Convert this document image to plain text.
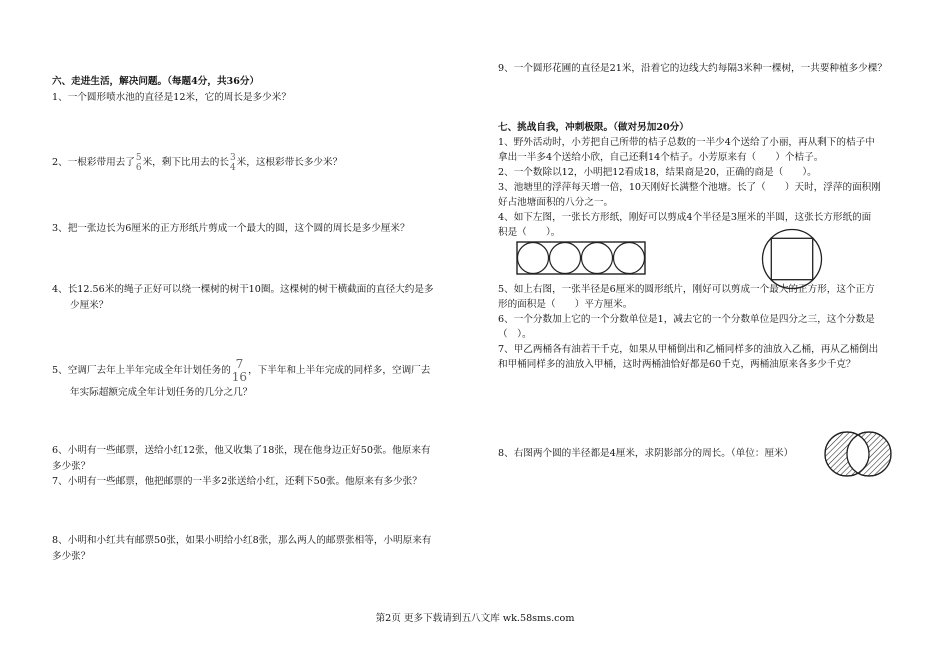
六、走进生活，解决问题。（每题4分，共36分）
1、一个圆形喷水池的直径是12米，它的周长是多少米？
2、一根彩带用去了 5
6 米，剩下比用去的长 3
4 米，这根彩带长多少米？
3、把一张边长为6厘米的正方形纸片剪成一个最大的圆，这个圆的周长是多少厘米？
4、长12.56米的绳子正好可以绕一棵树的树干10圈。这棵树的树干横截面的直径大约是多
少厘米？
5、空调厂去年上半年完成全年计划任务的 7
16 ，下半年和上半年完成的同样多，空调厂去
年实际超额完成全年计划任务的几分之几？
6、小明有一些邮票，送给小红12张，他又收集了18张，现在他身边正好50张。他原来有
多少张？
7、小明有一些邮票，他把邮票的一半多2张送给小红，还剩下50张。他原来有多少张？
8、小明和小红共有邮票50张，如果小明给小红8张，那么两人的邮票张相等，小明原来有
多少张？
9、一个圆形花圃的直径是21米，沿着它的边线大约每隔3米种一棵树，一共要种植多少棵？
七、挑战自我，冲刺极限。（做对另加20分）
1、野外活动时，小芳把自己所带的桔子总数的一半少4个送给了小丽，再从剩下的桔子中
拿出一半多4个送给小欣，自己还剩14个桔子。小芳原来有（　　）个桔子。
2、一个数除以12，小明把12看成18，结果商是20，正确的商是（　　）。
3、池塘里的浮萍每天增一倍，10天刚好长满整个池塘。长了（　　）天时，浮萍的面积刚
好占池塘面积的八分之一。
4、如下左图，一张长方形纸，刚好可以剪成4个半径是3厘米的半圆，这张长方形纸的面
积是（　　）。
5、如上右图，一张半径是6厘米的圆形纸片，刚好可以剪成一个最大的正方形，这个正方
形的面积是（　　）平方厘米。
6、一个分数加上它的一个分数单位是1，减去它的一个分数单位是四分之三，这个分数是
（　）。
7、甲乙两桶各有油若干千克，如果从甲桶倒出和乙桶同样多的油放入乙桶，再从乙桶倒出
和甲桶同样多的油放入甲桶，这时两桶油恰好都是60千克，两桶油原来各多少千克？
8、右图两个圆的半径都是4厘米，求阴影部分的周长。（单位：厘米）
第2页 更多下载请到五八文库 wk.58sms.com
